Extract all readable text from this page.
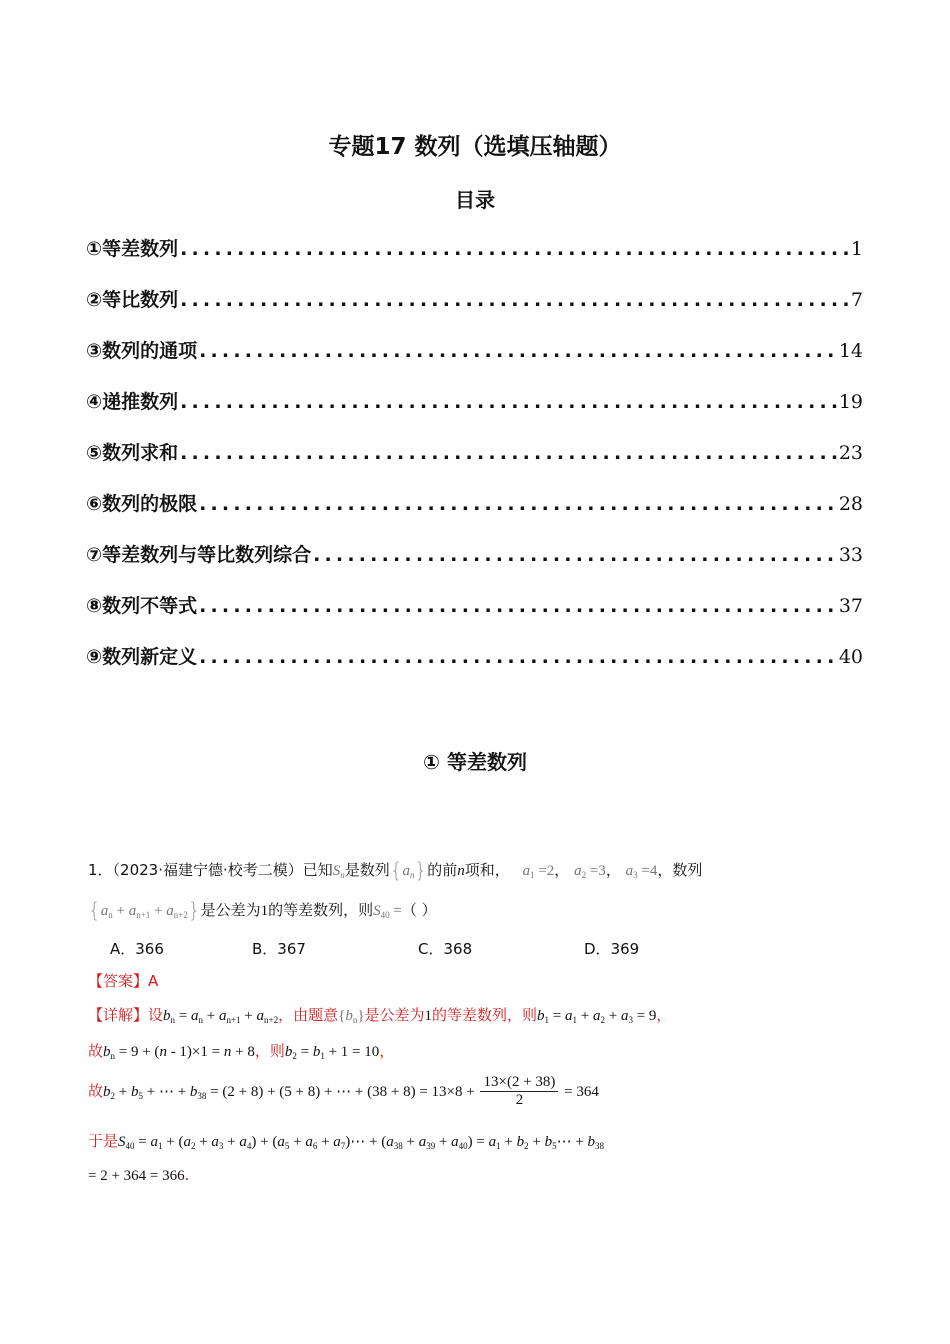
专题17 数列（选填压轴题）
目录
①等差数列 .....	1
②等比数列 .....	7
③数列的通项 .....	14
④递推数列 .....	19
⑤数列求和 .....	23
⑥数列的极限 .....	28
⑦等差数列与等比数列综合 .....	33
⑧数列不等式 .....	37
⑨数列新定义 .....	40
① 等差数列
1．（2023·福建宁德·校考二模）已知$S_n$是数列$\{a_n\}$的前n项和， $a_1 =2$， $a_2 =3$， $a_3 =4$，数列
$\{a_n + a_{n+1} + a_{n+2}\}$是公差为1的等差数列，则$S_{40}$ =（ ）
A．366	B．367	C．368	D．369
【答案】A
【详解】设$b_n = a_n + a_{n+1} + a_{n+2}$，由题意$\{b_n\}$是公差为1的等差数列，则$b_1 = a_1 + a_2 + a_3 = 9$，
故$b_n = 9 + (n - 1)\times 1 = n + 8$，则$b_2 = b_1 + 1 = 10$，
故$b_2 + b_5$ + ⋯ + $b_{38} = (2 + 8) + (5 + 8)$ + ⋯ + $(38 + 8) = 13\times 8 + \frac{13\times(2 + 38)}{2} = 364$
于是$S_{40} = a_1 + (a_2 + a_3 + a_4) + (a_5 + a_6$ + $a_7)\cdots + (a_{38} + a_{39} + a_{40}) = a_1 + b_2$ + $b_5\cdots + b_{38}$
= 2 + 364 = 366.
